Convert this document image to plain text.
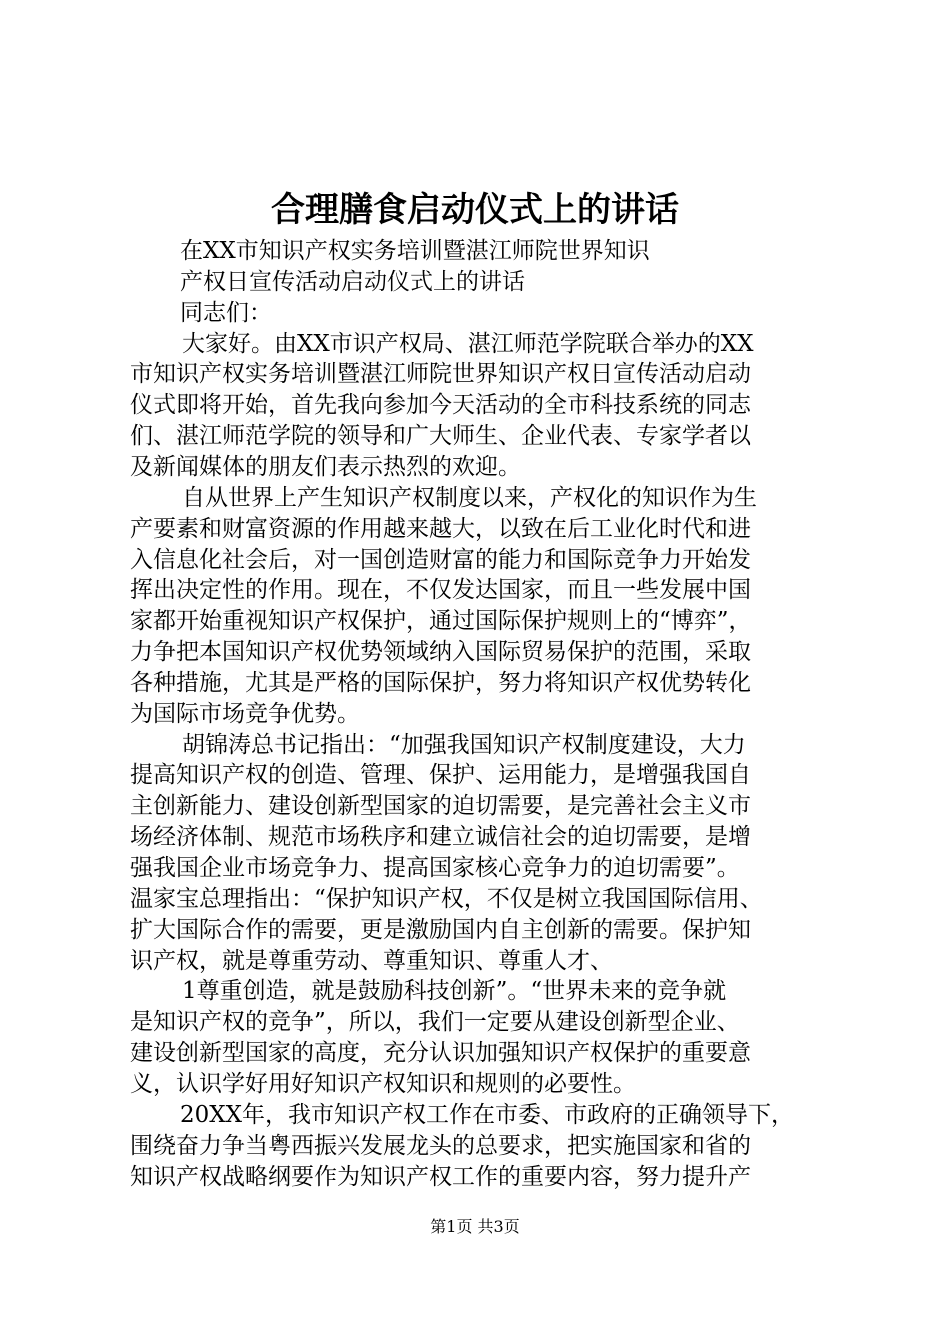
合理膳食启动仪式上的讲话
在XX市知识产权实务培训暨湛江师院世界知识
产权日宣传活动启动仪式上的讲话
同志们：
大家好。由XX市识产权局、湛江师范学院联合举办的XX
市知识产权实务培训暨湛江师院世界知识产权日宣传活动启动
仪式即将开始，首先我向参加今天活动的全市科技系统的同志
们、湛江师范学院的领导和广大师生、企业代表、专家学者以
及新闻媒体的朋友们表示热烈的欢迎。
自从世界上产生知识产权制度以来，产权化的知识作为生
产要素和财富资源的作用越来越大，以致在后工业化时代和进
入信息化社会后，对一国创造财富的能力和国际竞争力开始发
挥出决定性的作用。现在，不仅发达国家，而且一些发展中国
家都开始重视知识产权保护，通过国际保护规则上的“博弈”，
力争把本国知识产权优势领域纳入国际贸易保护的范围，采取
各种措施，尤其是严格的国际保护，努力将知识产权优势转化
为国际市场竞争优势。
胡锦涛总书记指出：“加强我国知识产权制度建设，大力
提高知识产权的创造、管理、保护、运用能力，是增强我国自
主创新能力、建设创新型国家的迫切需要，是完善社会主义市
场经济体制、规范市场秩序和建立诚信社会的迫切需要，是增
强我国企业市场竞争力、提高国家核心竞争力的迫切需要”。
温家宝总理指出：“保护知识产权，不仅是树立我国国际信用、
扩大国际合作的需要，更是激励国内自主创新的需要。保护知
识产权，就是尊重劳动、尊重知识、尊重人才、
1尊重创造，就是鼓励科技创新”。“世界未来的竞争就
是知识产权的竞争”，所以，我们一定要从建设创新型企业、
建设创新型国家的高度，充分认识加强知识产权保护的重要意
义，认识学好用好知识产权知识和规则的必要性。
20XX年，我市知识产权工作在市委、市政府的正确领导下，
围绕奋力争当粤西振兴发展龙头的总要求，把实施国家和省的
知识产权战略纲要作为知识产权工作的重要内容，努力提升产
第1页 共3页
